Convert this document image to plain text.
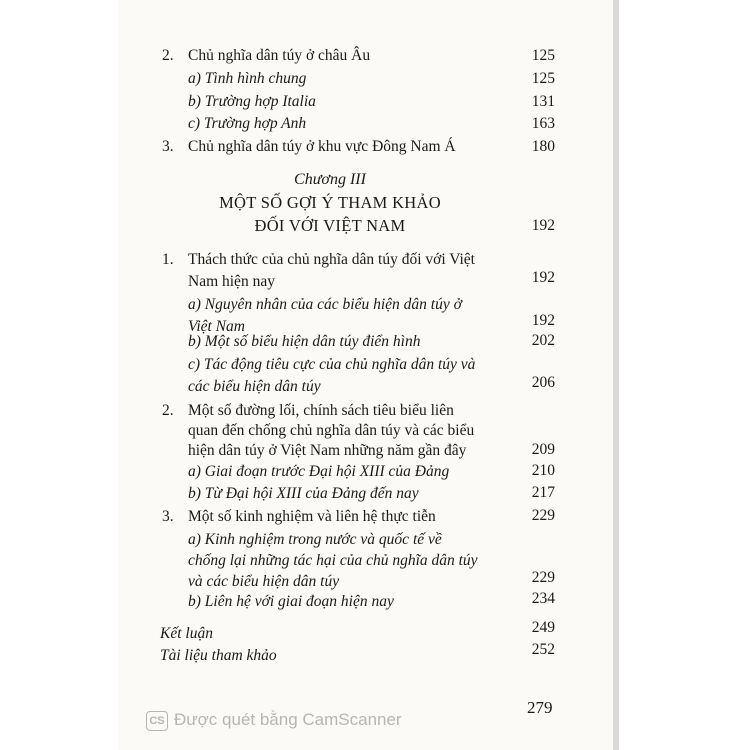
2. Chủ nghĩa dân túy ở châu Âu	125
a) Tình hình chung	125
b) Trường hợp Italia	131
c) Trường hợp Anh	163
3. Chủ nghĩa dân túy ở khu vực Đông Nam Á	180
Chương III
MỘT SỐ GỢI Ý THAM KHẢO
ĐỐI VỚI VIỆT NAM	192
1. Thách thức của chủ nghĩa dân túy đối với Việt
Nam hiện nay	192
a) Nguyên nhân của các biểu hiện dân túy ở
Việt Nam	192
b) Một số biểu hiện dân túy điển hình	202
c) Tác động tiêu cực của chủ nghĩa dân túy và
các biểu hiện dân túy	206
2. Một số đường lối, chính sách tiêu biểu liên
quan đến chống chủ nghĩa dân túy và các biểu
hiện dân túy ở Việt Nam những năm gần đây	209
a) Giai đoạn trước Đại hội XIII của Đảng	210
b) Từ Đại hội XIII của Đảng đến nay	217
3. Một số kinh nghiệm và liên hệ thực tiễn	229
a) Kinh nghiệm trong nước và quốc tế về
chống lại những tác hại của chủ nghĩa dân túy
và các biểu hiện dân túy	229
b) Liên hệ với giai đoạn hiện nay	234
Kết luận	249
Tài liệu tham khảo	252
279
CS Được quét bằng CamScanner
